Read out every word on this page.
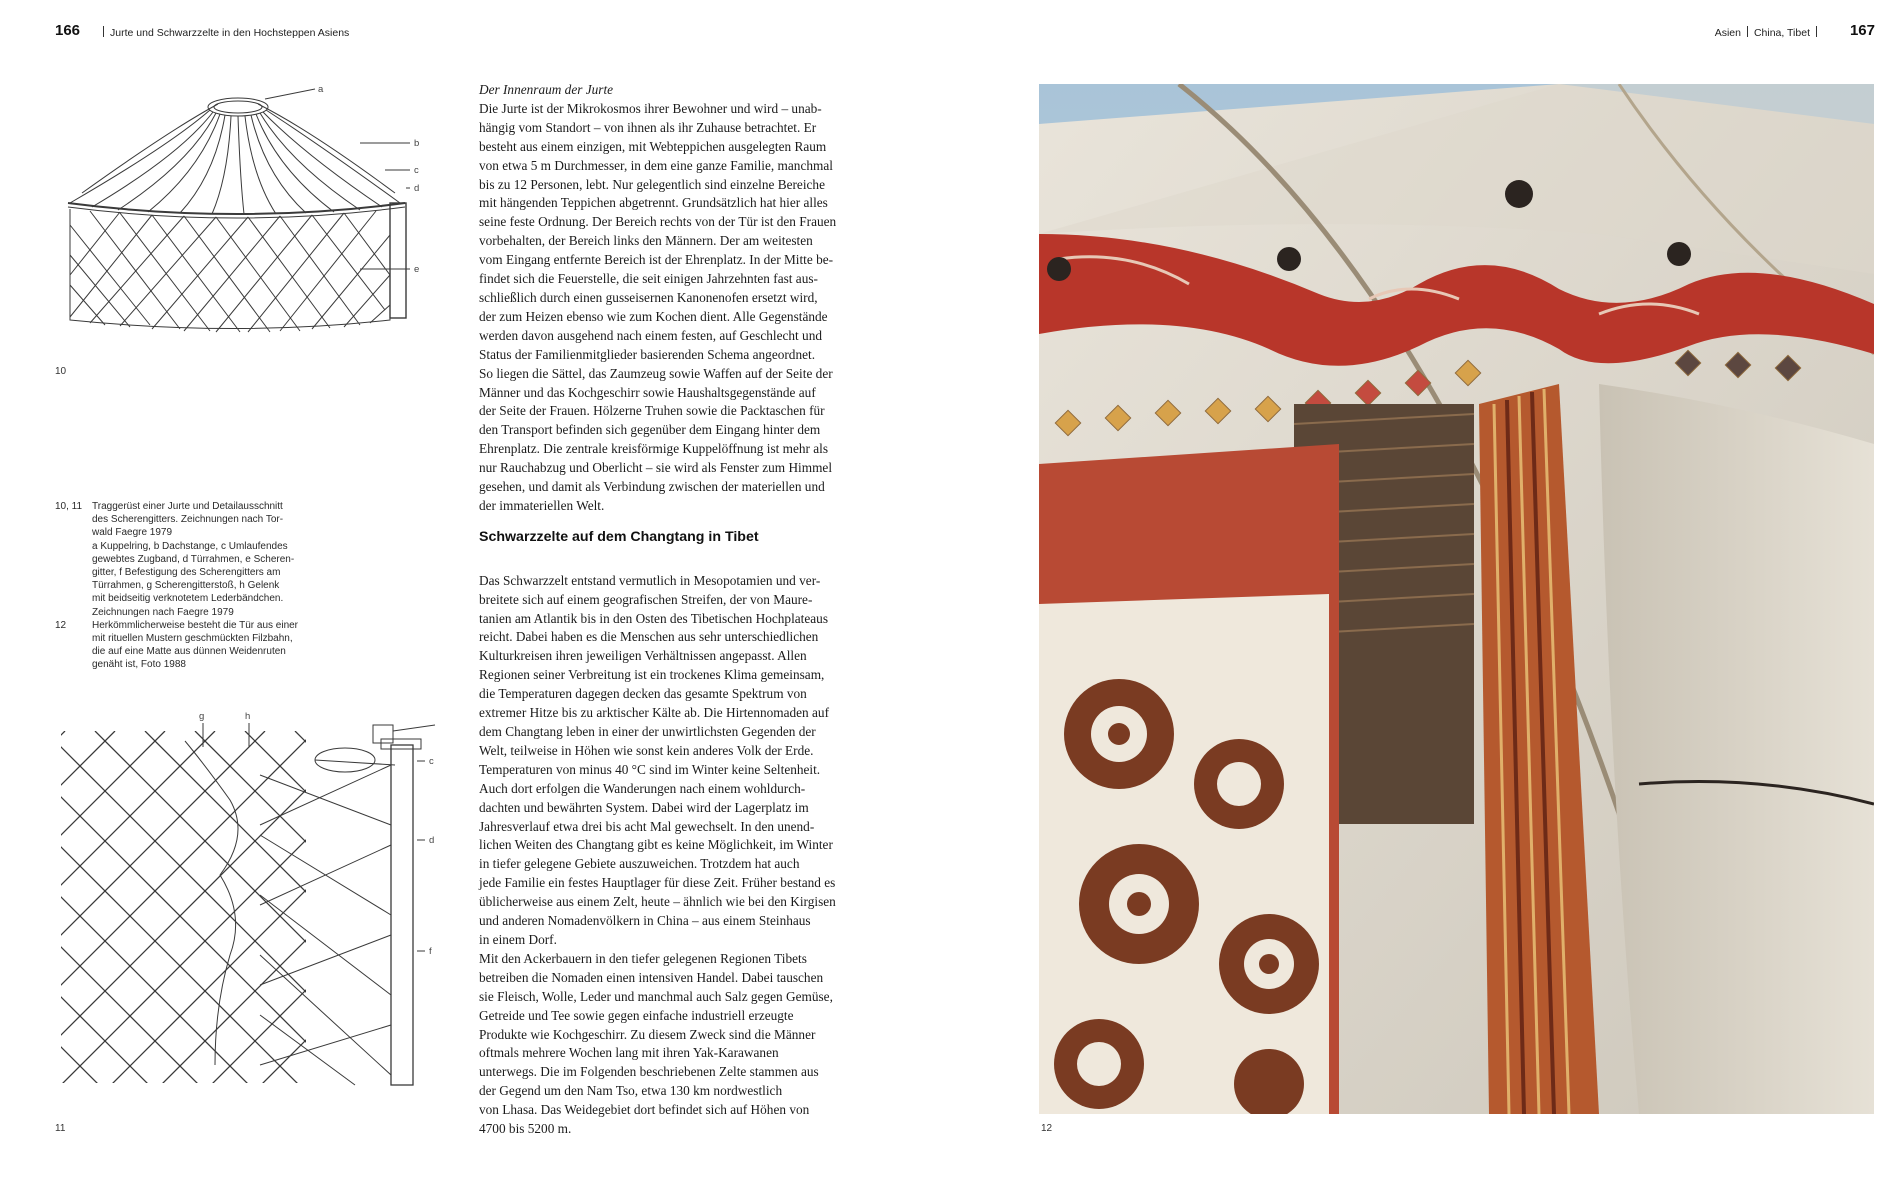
166	Jurte und Schwarzzelte in den Hochsteppen Asiens	Asien China, Tibet	167
a
b
c
d
e
10
10, 11 Traggerüst einer Jurte und Detailausschnitt
des Scherengitters. Zeichnungen nach Tor-
wald Faegre 1979
a Kuppelring, b Dachstange, c Umlaufendes
gewebtes Zugband, d Türrahmen, e Scheren-
gitter, f Befestigung des Scherengitters am
Türrahmen, g Scherengitterstoß, h Gelenk
mit beidseitig verknotetem Lederbändchen.
Zeichnungen nach Faegre 1979
12	Herkömmlicherweise besteht die Tür aus einer
mit rituellen Mustern geschmückten Filzbahn,
die auf eine Matte aus dünnen Weidenruten
genäht ist, Foto 1988
g	h
c
d
f
11

Der Innenraum der Jurte

Die Jurte ist der Mikrokosmos ihrer Bewohner und wird – unab-
hängig vom Standort – von ihnen als ihr Zuhause betrachtet. Er
besteht aus einem einzigen, mit Webteppichen ausgelegten Raum
von etwa 5 m Durchmesser, in dem eine ganze Familie, manchmal
bis zu 12 Personen, lebt. Nur gelegentlich sind einzelne Bereiche
mit hängenden Teppichen abgetrennt. Grundsätzlich hat hier alles
seine feste Ordnung. Der Bereich rechts von der Tür ist den Frauen
vorbehalten, der Bereich links den Männern. Der am weitesten
vom Eingang entfernte Bereich ist der Ehrenplatz. In der Mitte be-
findet sich die Feuerstelle, die seit einigen Jahrzehnten fast aus-
schließlich durch einen gusseisernen Kanonenofen ersetzt wird,
der zum Heizen ebenso wie zum Kochen dient. Alle Gegenstände
werden davon ausgehend nach einem festen, auf Geschlecht und
Status der Familienmitglieder basierenden Schema angeordnet.
So liegen die Sättel, das Zaumzeug sowie Waffen auf der Seite der
Männer und das Kochgeschirr sowie Haushaltsgegenstände auf
der Seite der Frauen. Hölzerne Truhen sowie die Packtaschen für
den Transport befinden sich gegenüber dem Eingang hinter dem
Ehrenplatz. Die zentrale kreisförmige Kuppelöffnung ist mehr als
nur Rauchabzug und Oberlicht – sie wird als Fenster zum Himmel
gesehen, und damit als Verbindung zwischen der materiellen und
der immateriellen Welt.
Schwarzzelte auf dem Changtang in Tibet
Das Schwarzzelt entstand vermutlich in Mesopotamien und ver-
breitete sich auf einem geografischen Streifen, der von Maure-
tanien am Atlantik bis in den Osten des Tibetischen Hochplateaus
reicht. Dabei haben es die Menschen aus sehr unterschiedlichen
Kulturkreisen ihren jeweiligen Verhältnissen angepasst. Allen
Regionen seiner Verbreitung ist ein trockenes Klima gemeinsam,
die Temperaturen dagegen decken das gesamte Spektrum von
extremer Hitze bis zu arktischer Kälte ab. Die Hirtennomaden auf
dem Changtang leben in einer der unwirtlichsten Gegenden der
Welt, teilweise in Höhen wie sonst kein anderes Volk der Erde.
Temperaturen von minus 40 °C sind im Winter keine Seltenheit.
Auch dort erfolgen die Wanderungen nach einem wohldurch-
dachten und bewährten System. Dabei wird der Lagerplatz im
Jahresverlauf etwa drei bis acht Mal gewechselt. In den unend-
lichen Weiten des Changtang gibt es keine Möglichkeit, im Winter
in tiefer gelegene Gebiete auszuweichen. Trotzdem hat auch
jede Familie ein festes Hauptlager für diese Zeit. Früher bestand es
üblicherweise aus einem Zelt, heute – ähnlich wie bei den Kirgisen
und anderen Nomadenvölkern in China – aus einem Steinhaus
in einem Dorf.
Mit den Ackerbauern in den tiefer gelegenen Regionen Tibets
betreiben die Nomaden einen intensiven Handel. Dabei tauschen
sie Fleisch, Wolle, Leder und manchmal auch Salz gegen Gemüse,
Getreide und Tee sowie gegen einfache industriell erzeugte
Produkte wie Kochgeschirr. Zu diesem Zweck sind die Männer
oftmals mehrere Wochen lang mit ihren Yak-Karawanen
unterwegs. Die im Folgenden beschriebenen Zelte stammen aus
der Gegend um den Nam Tso, etwa 130 km nordwestlich
von Lhasa. Das Weidegebiet dort befindet sich auf Höhen von
4700 bis 5200 m.	12
